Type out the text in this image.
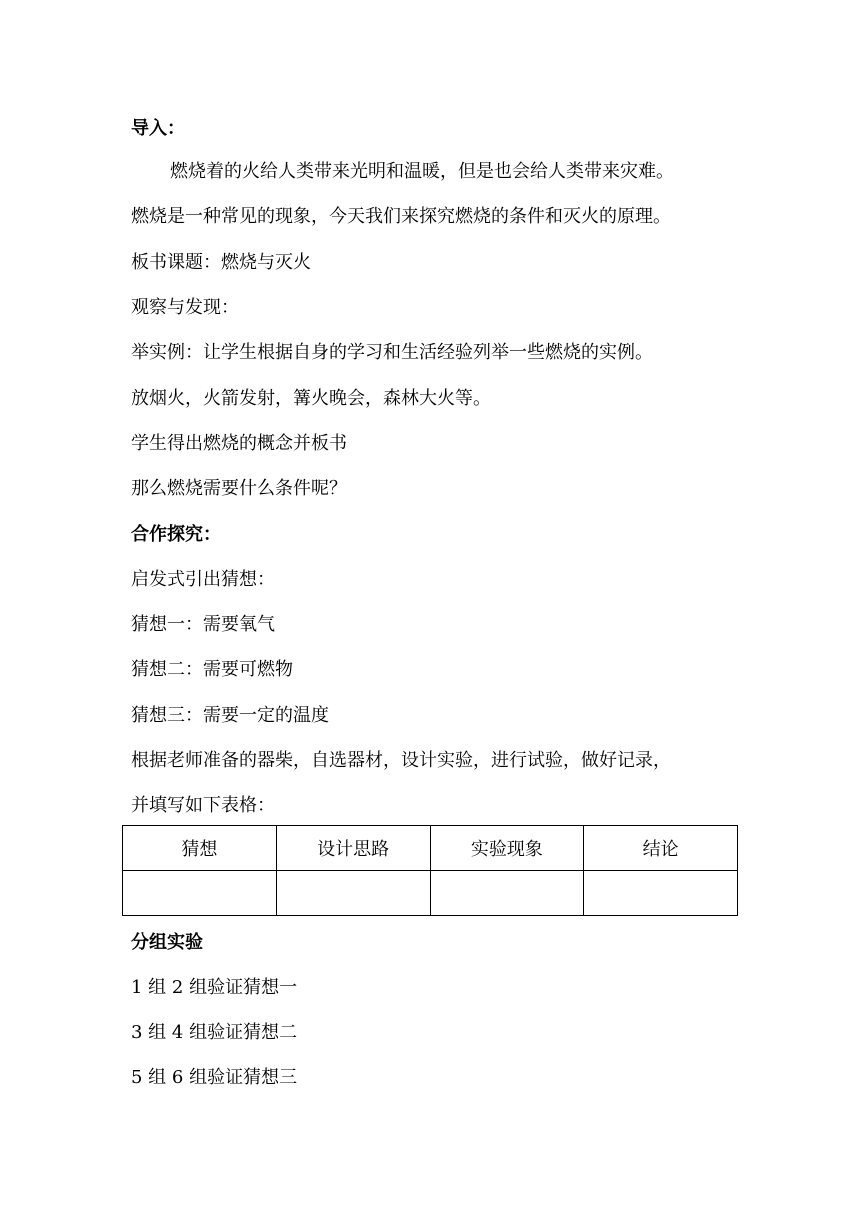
导入：
燃烧着的火给人类带来光明和温暖，但是也会给人类带来灾难。
燃烧是一种常见的现象，今天我们来探究燃烧的条件和灭火的原理。
板书课题：燃烧与灭火
观察与发现：
举实例：让学生根据自身的学习和生活经验列举一些燃烧的实例。
放烟火，火箭发射，篝火晚会，森林大火等。
学生得出燃烧的概念并板书
那么燃烧需要什么条件呢？
合作探究：
启发式引出猜想：
猜想一：需要氧气
猜想二：需要可燃物
猜想三：需要一定的温度
根据老师准备的器柴，自选器材，设计实验，进行试验，做好记录，
并填写如下表格：
猜想	设计思路	实验现象	结论

分组实验
1 组 2 组验证猜想一
3 组 4 组验证猜想二
5 组 6 组验证猜想三
